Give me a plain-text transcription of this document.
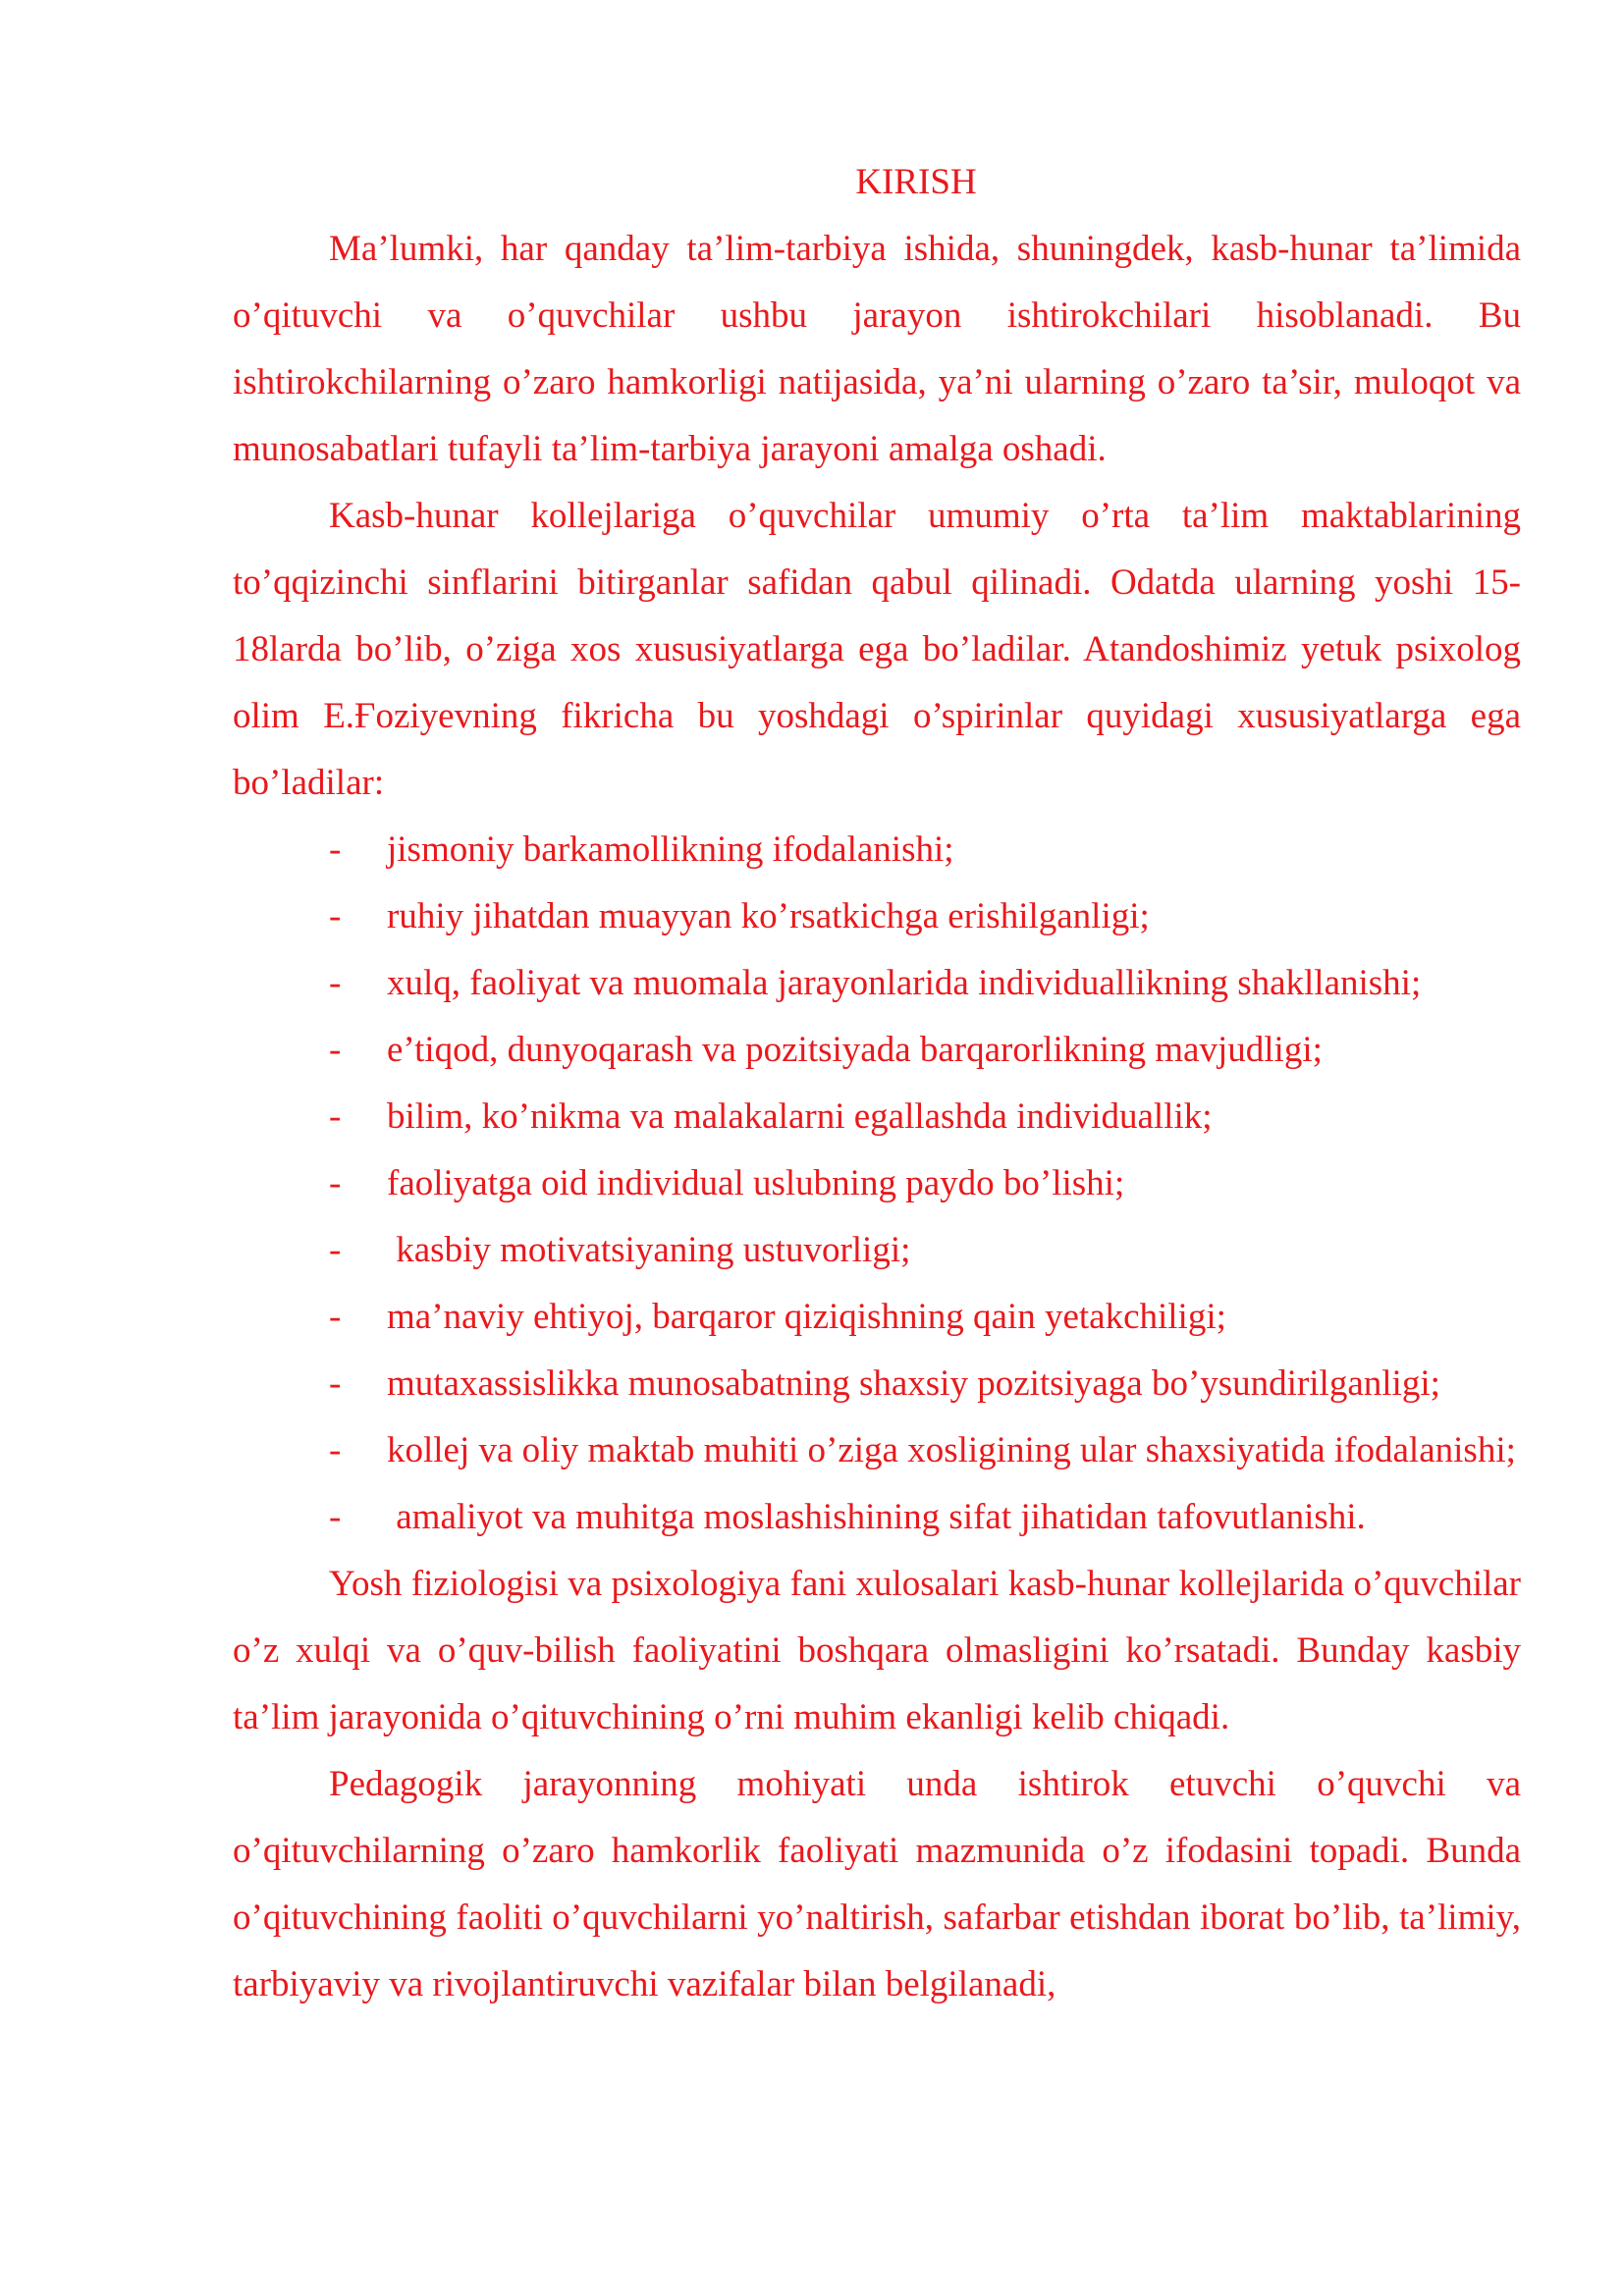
KIRISH

Ma’lumki, har qanday ta’lim-tarbiya ishida, shuningdek, kasb-hunar ta’limida o’qituvchi va o’quvchilar ushbu jarayon ishtirokchilari hisoblanadi. Bu ishtirokchilarning o’zaro hamkorligi natijasida, ya’ni ularning o’zaro ta’sir, muloqot va munosabatlari tufayli ta’lim-tarbiya jarayoni amalga oshadi.

Kasb-hunar kollejlariga o’quvchilar umumiy o’rta ta’lim maktablarining to’qqizinchi sinflarini bitirganlar safidan qabul qilinadi. Odatda ularning yoshi 15-18larda bo’lib, o’ziga xos xususiyatlarga ega bo’ladilar. Atandoshimiz yetuk psixolog olim E.Ғoziyevning fikricha bu yoshdagi o’spirinlar quyidagi xususiyatlarga ega bo’ladilar:

- jismoniy barkamollikning ifodalanishi;
- ruhiy jihatdan muayyan ko’rsatkichga erishilganligi;
- xulq, faoliyat va muomala jarayonlarida individuallikning shakllanishi;
- e’tiqod, dunyoqarash va pozitsiyada barqarorlikning mavjudligi;
- bilim, ko’nikma va malakalarni egallashda individuallik;
- faoliyatga oid individual uslubning paydo bo’lishi;
- kasbiy motivatsiyaning ustuvorligi;
- ma’naviy ehtiyoj, barqaror qiziqishning qain yetakchiligi;
- mutaxassislikka munosabatning shaxsiy pozitsiyaga bo’ysundirilganligi;
- kollej va oliy maktab muhiti o’ziga xosligining ular shaxsiyatida ifodalanishi;
- amaliyot va muhitga moslashishining sifat jihatidan tafovutlanishi.

Yosh fiziologisi va psixologiya fani xulosalari kasb-hunar kollejlarida o’quvchilar o’z xulqi va o’quv-bilish faoliyatini boshqara olmasligini ko’rsatadi. Bunday kasbiy ta’lim jarayonida o’qituvchining o’rni muhim ekanligi kelib chiqadi.

Pedagogik jarayonning mohiyati unda ishtirok etuvchi o’quvchi va o’qituvchilarning o’zaro hamkorlik faoliyati mazmunida o’z ifodasini topadi. Bunda o’qituvchining faoliti o’quvchilarni yo’naltirish, safarbar etishdan iborat bo’lib, ta’limiy, tarbiyaviy va rivojlantiruvchi vazifalar bilan belgilanadi,
